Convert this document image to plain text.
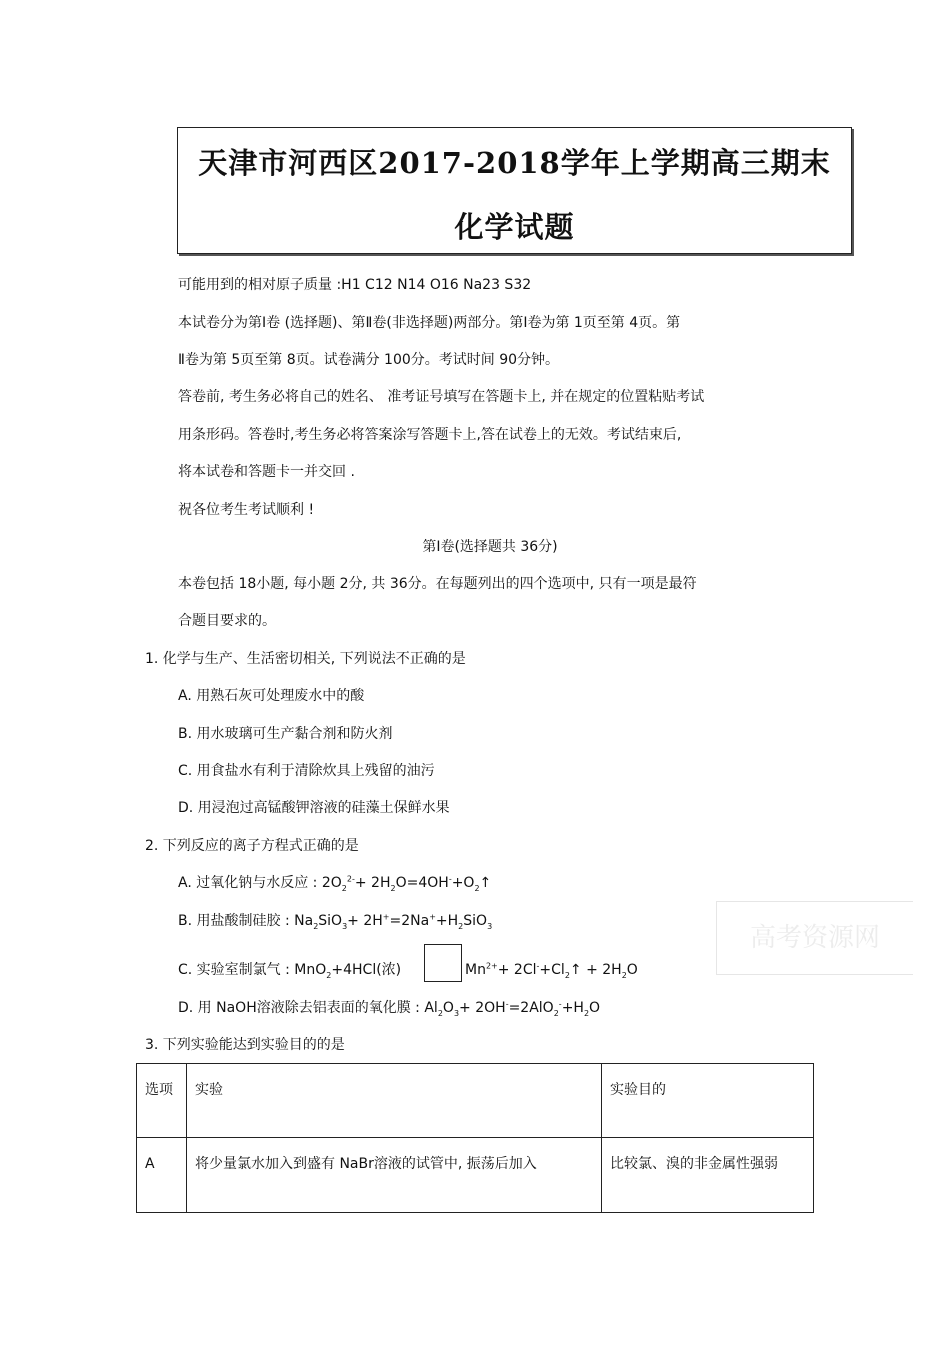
天津市河西区2017-2018学年上学期高三期末
化学试题
可能用到的相对原子质量 :H1 C12 N14 O16 Na23 S32
本试卷分为第Ⅰ卷 (选择题)、第Ⅱ卷(非选择题)两部分。第Ⅰ卷为第 1页至第 4页。第
Ⅱ卷为第 5页至第 8页。试卷满分 100分。考试时间 90分钟。
答卷前, 考生务必将自己的姓名、 准考证号填写在答题卡上, 并在规定的位置粘贴考试
用条形码。答卷时,考生务必将答案涂写答题卡上,答在试卷上的无效。考试结束后,
将本试卷和答题卡一并交回 .
祝各位考生考试顺利 !
第Ⅰ卷(选择题共 36分)
本卷包括 18小题, 每小题 2分, 共 36分。在每题列出的四个选项中, 只有一项是最符
合题目要求的。
1. 化学与生产、生活密切相关, 下列说法不正确的是
A. 用熟石灰可处理废水中的酸
B. 用水玻璃可生产黏合剂和防火剂
C. 用食盐水有利于清除炊具上残留的油污
D. 用浸泡过高锰酸钾溶液的硅藻土保鲜水果
2. 下列反应的离子方程式正确的是
A. 过氧化钠与水反应 : $2O_2^{2-}+$ $2H_2O=4OH^-+O_2↑$
B. 用盐酸制硅胶 : $Na_2SiO_3+ 2H^+=2Na^++H_2SiO_3$
C. 实验室制氯气 : MnO$_2$+4HCl(浓)	$Mn^{2+}+$ $2Cl^-+Cl_2↑ + 2H_2O$
D. 用 NaOH溶液除去铝表面的氧化膜 : $Al_2O_3+ 2OH^-=2AlO_2^-+H_2O$
高考资源网
3. 下列实验能达到实验目的的是
选项	实验	实验目的
A	将少量氯水加入到盛有 NaBr溶液的试管中, 振荡后加入	比较氯、溴的非金属性强弱
